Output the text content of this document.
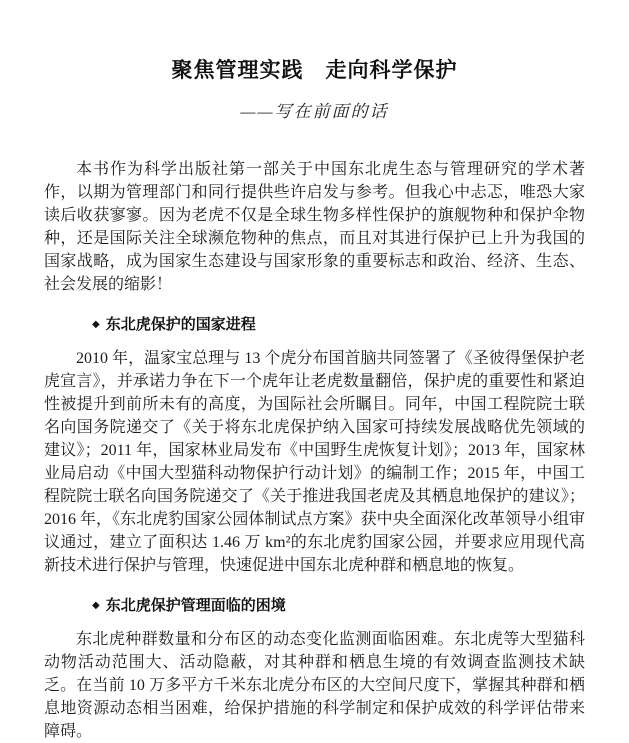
聚焦管理实践　走向科学保护
——写在前面的话

本书作为科学出版社第一部关于中国东北虎生态与管理研究的学术著作，以期为管理部门和同行提供些许启发与参考。但我心中忐忑，唯恐大家读后收获寥寥。因为老虎不仅是全球生物多样性保护的旗舰物种和保护伞物种，还是国际关注全球濒危物种的焦点，而且对其进行保护已上升为我国的国家战略，成为国家生态建设与国家形象的重要标志和政治、经济、生态、社会发展的缩影！

◆ 东北虎保护的国家进程

2010 年，温家宝总理与 13 个虎分布国首脑共同签署了《圣彼得堡保护老虎宣言》，并承诺力争在下一个虎年让老虎数量翻倍，保护虎的重要性和紧迫性被提升到前所未有的高度，为国际社会所瞩目。同年，中国工程院院士联名向国务院递交了《关于将东北虎保护纳入国家可持续发展战略优先领域的建议》；2011 年，国家林业局发布《中国野生虎恢复计划》；2013 年，国家林业局启动《中国大型猫科动物保护行动计划》的编制工作；2015 年，中国工程院院士联名向国务院递交了《关于推进我国老虎及其栖息地保护的建议》；2016 年，《东北虎豹国家公园体制试点方案》获中央全面深化改革领导小组审议通过，建立了面积达 1.46 万 km²的东北虎豹国家公园，并要求应用现代高新技术进行保护与管理，快速促进中国东北虎种群和栖息地的恢复。

◆ 东北虎保护管理面临的困境

东北虎种群数量和分布区的动态变化监测面临困难。东北虎等大型猫科动物活动范围大、活动隐蔽，对其种群和栖息生境的有效调查监测技术缺乏。在当前 10 万多平方千米东北虎分布区的大空间尺度下，掌握其种群和栖息地资源动态相当困难，给保护措施的科学制定和保护成效的科学评估带来障碍。
